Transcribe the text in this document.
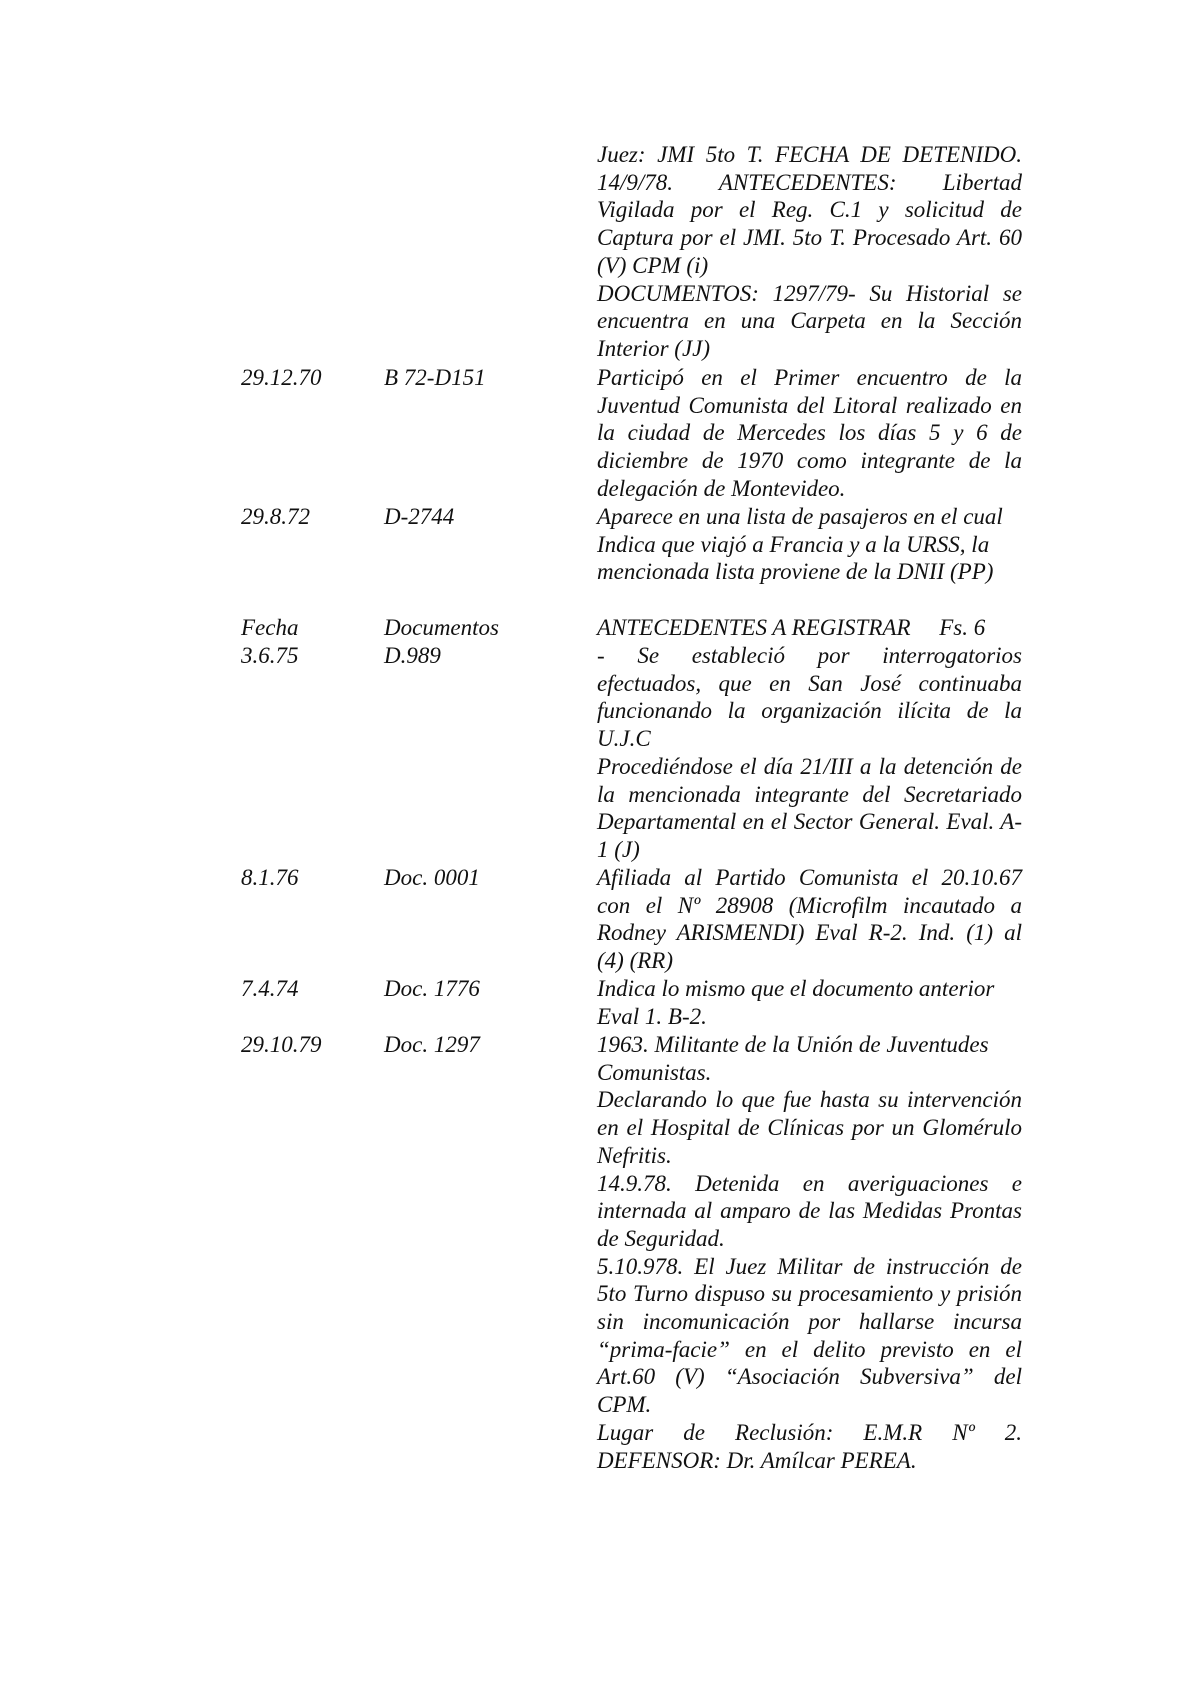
Juez: JMI 5to T. FECHA DE DETENIDO. 14/9/78. ANTECEDENTES: Libertad Vigilada por el Reg. C.1 y solicitud de Captura por el JMI. 5to T. Procesado Art. 60 (V) CPM (i)

DOCUMENTOS: 1297/79- Su Historial se encuentra en una Carpeta en la Sección Interior (JJ)

29.12.70	B 72-D151	Participó en el Primer encuentro de la Juventud Comunista del Litoral realizado en la ciudad de Mercedes los días 5 y 6 de diciembre de 1970 como integrante de la delegación de Montevideo.

29.8.72	D-2744	Aparece en una lista de pasajeros en el cual Indica que viajó a Francia y a la URSS, la mencionada lista proviene de la DNII (PP)

Fecha	Documentos	ANTECEDENTES A REGISTRAR     Fs. 6

3.6.75	D.989	- Se estableció por interrogatorios efectuados, que en San José continuaba funcionando la organización ilícita de la U.J.C

Procediéndose el día 21/III a la detención de la mencionada integrante del Secretariado Departamental en el Sector General. Eval. A-1 (J)

8.1.76	Doc. 0001	Afiliada al Partido Comunista el 20.10.67 con el Nº 28908 (Microfilm incautado a Rodney ARISMENDI) Eval R-2. Ind. (1) al (4) (RR)

7.4.74	Doc. 1776	Indica lo mismo que el documento anterior Eval 1. B-2.

29.10.79	Doc. 1297	1963. Militante de la Unión de Juventudes Comunistas.

Declarando lo que fue hasta su intervención en el Hospital de Clínicas por un Glomérulo Nefritis.

14.9.78. Detenida en averiguaciones e internada al amparo de las Medidas Prontas de Seguridad.

5.10.978. El Juez Militar de instrucción de 5to Turno dispuso su procesamiento y prisión sin incomunicación por hallarse incursa “prima-facie” en el delito previsto en el Art.60 (V) “Asociación Subversiva” del CPM.

Lugar de Reclusión: E.M.R Nº 2. DEFENSOR: Dr. Amílcar PEREA.
